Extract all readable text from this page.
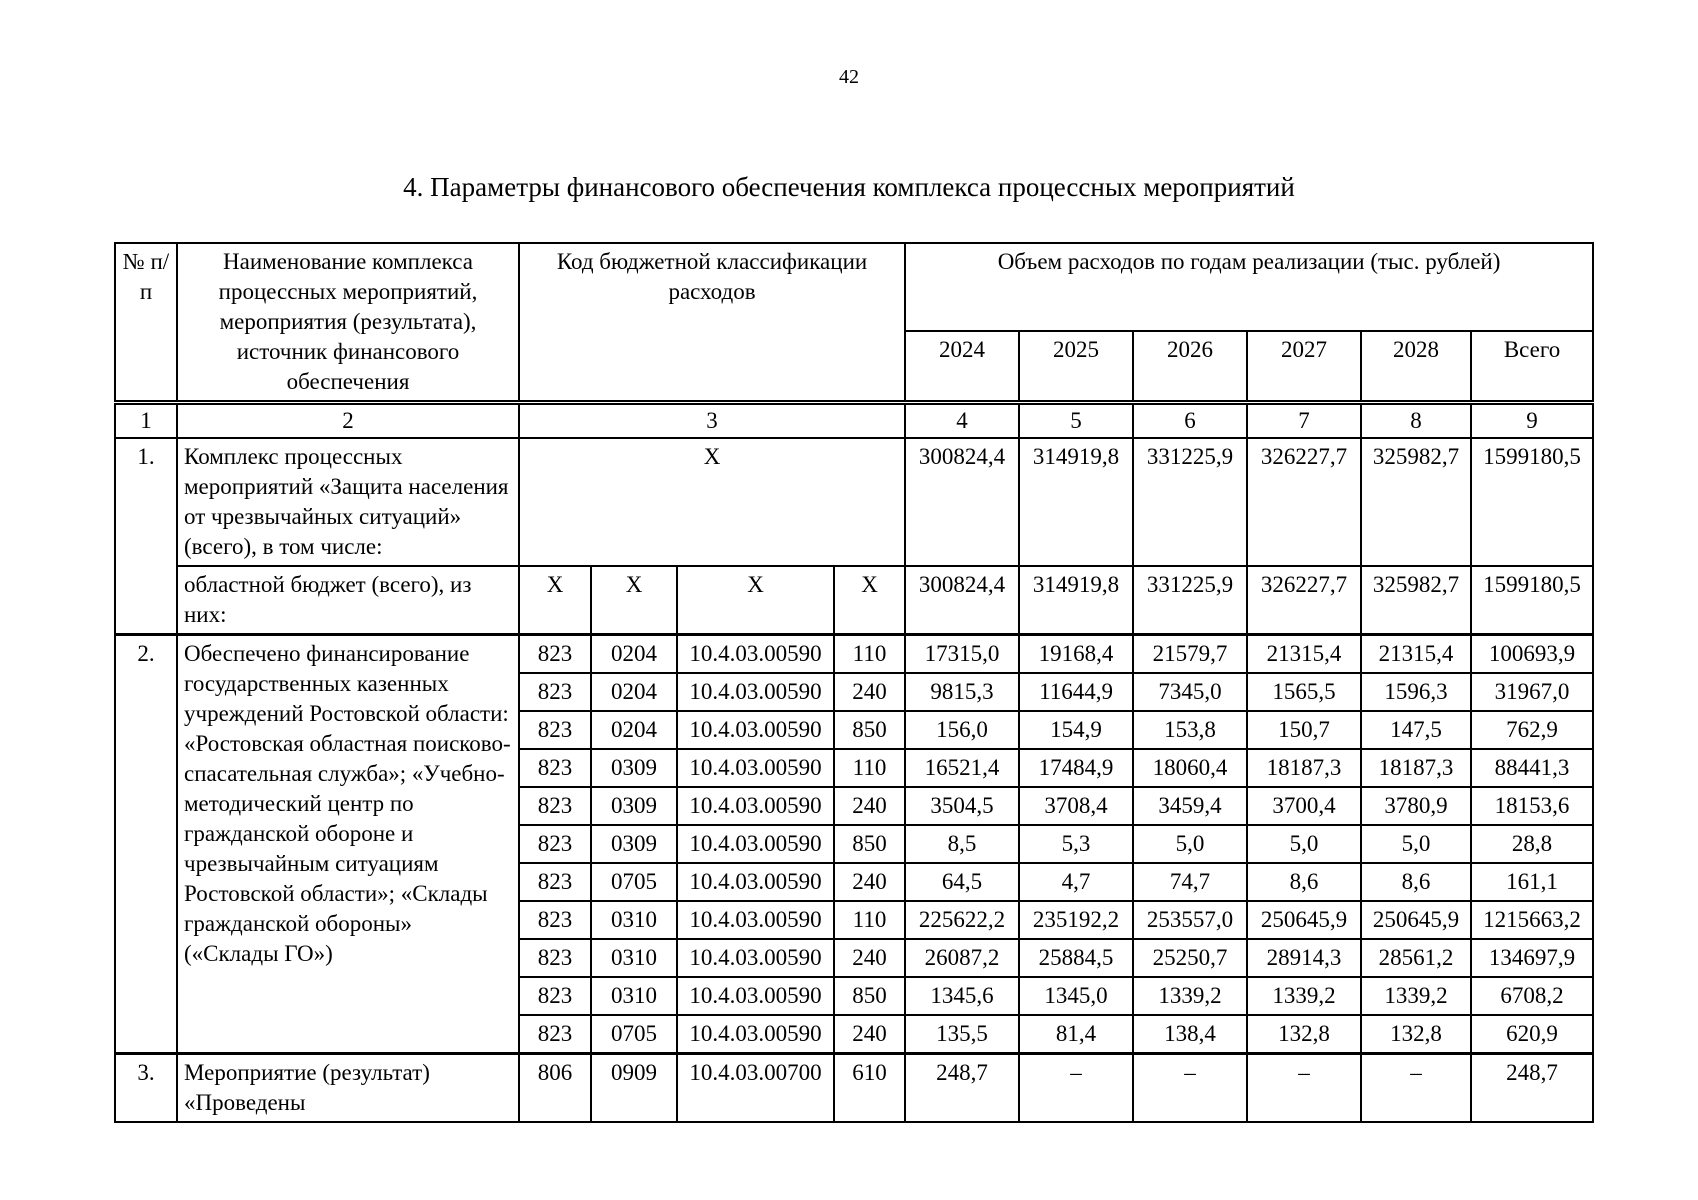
42
4. Параметры финансового обеспечения комплекса процессных мероприятий
№ п/п	Наименование комплекса процессных мероприятий, мероприятия (результата), источник финансового обеспечения	Код бюджетной классификации расходов				Объем расходов по годам реализации (тыс. рублей)					
						2024	2025	2026	2027	2028	Всего
1	2	3				4	5	6	7	8	9
1.	Комплекс процессных мероприятий «Защита населения от чрезвычайных ситуаций» (всего), в том числе:	X				300824,4	314919,8	331225,9	326227,7	325982,7	1599180,5
	областной бюджет (всего), из них:	X	X	X	X	300824,4	314919,8	331225,9	326227,7	325982,7	1599180,5
2.	Обеспечено финансирование государственных казенных учреждений Ростовской области: «Ростовская областная поисково-спасательная служба»; «Учебно-методический центр по гражданской обороне и чрезвычайным ситуациям Ростовской области»; «Склады гражданской обороны» («Склады ГО»)	823	0204	10.4.03.00590	110	17315,0	19168,4	21579,7	21315,4	21315,4	100693,9
		823	0204	10.4.03.00590	240	9815,3	11644,9	7345,0	1565,5	1596,3	31967,0
		823	0204	10.4.03.00590	850	156,0	154,9	153,8	150,7	147,5	762,9
		823	0309	10.4.03.00590	110	16521,4	17484,9	18060,4	18187,3	18187,3	88441,3
		823	0309	10.4.03.00590	240	3504,5	3708,4	3459,4	3700,4	3780,9	18153,6
		823	0309	10.4.03.00590	850	8,5	5,3	5,0	5,0	5,0	28,8
		823	0705	10.4.03.00590	240	64,5	4,7	74,7	8,6	8,6	161,1
		823	0310	10.4.03.00590	110	225622,2	235192,2	253557,0	250645,9	250645,9	1215663,2
		823	0310	10.4.03.00590	240	26087,2	25884,5	25250,7	28914,3	28561,2	134697,9
		823	0310	10.4.03.00590	850	1345,6	1345,0	1339,2	1339,2	1339,2	6708,2
		823	0705	10.4.03.00590	240	135,5	81,4	138,4	132,8	132,8	620,9
3.	Мероприятие (результат) «Проведены	806	0909	10.4.03.00700	610	248,7	–	–	–	–	248,7
